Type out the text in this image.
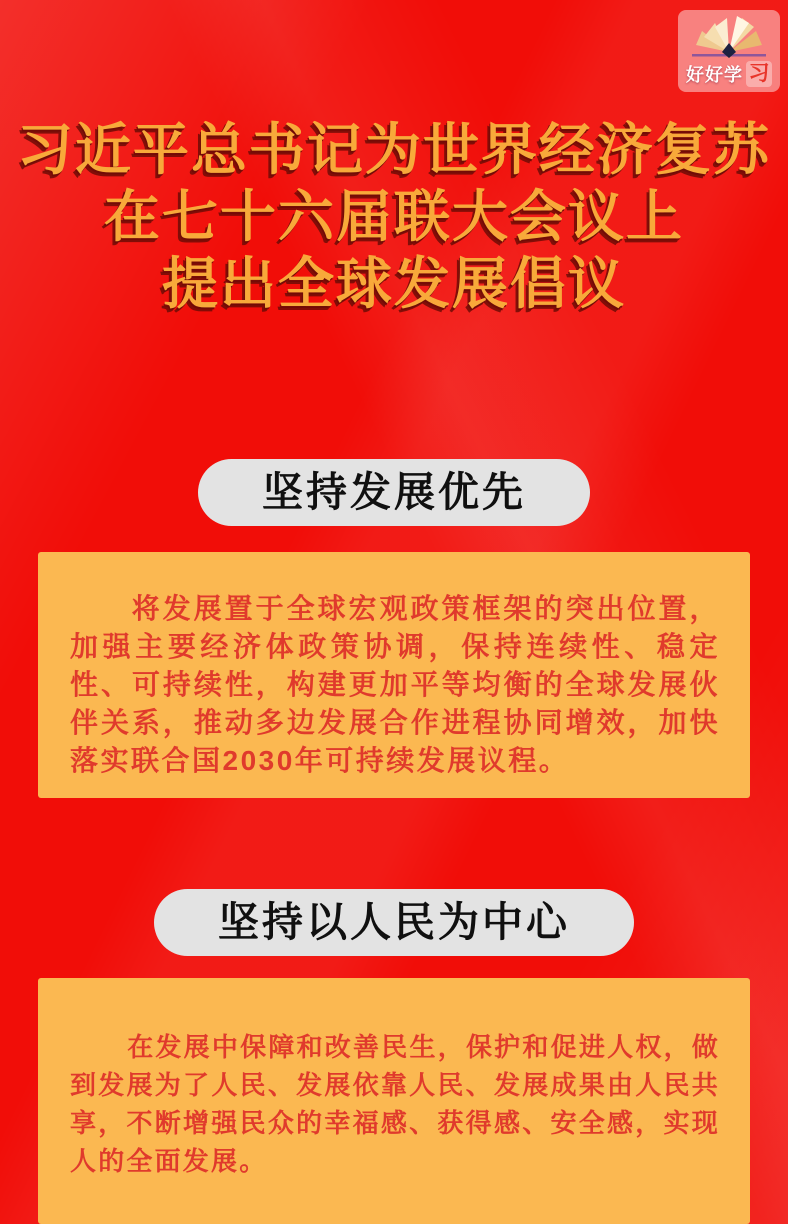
好好学 习
习近平总书记为世界经济复苏
在七十六届联大会议上
提出全球发展倡议
坚持发展优先

将发展置于全球宏观政策框架的突出位置，加强主要经济体政策协调，保持连续性、稳定性、可持续性，构建更加平等均衡的全球发展伙伴关系，推动多边发展合作进程协同增效，加快落实联合国2030年可持续发展议程。

坚持以人民为中心

在发展中保障和改善民生，保护和促进人权，做到发展为了人民、发展依靠人民、发展成果由人民共享，不断增强民众的幸福感、获得感、安全感，实现人的全面发展。
